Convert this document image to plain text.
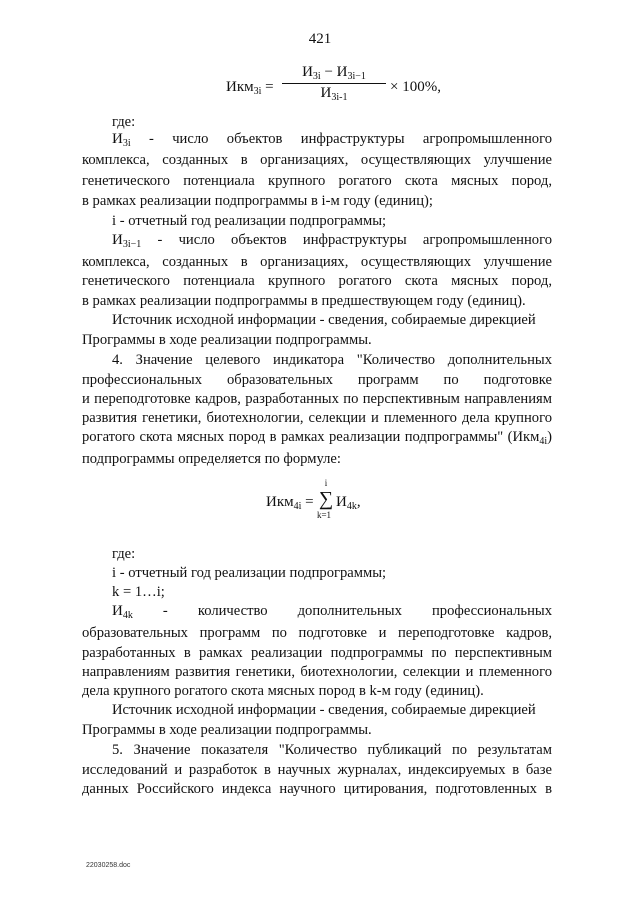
421
Икм$_{3i}$ =
$И_{3i} - И_{3i-1}$
$И_{3i-1}$
× 100%,
где:
$И_{3i}$ - число объектов инфраструктуры агропромышленного
комплекса, созданных в организациях, осуществляющих улучшение
генетического потенциала крупного рогатого скота мясных пород,
в рамках реализации подпрограммы в i-м году (единиц);
i - отчетный год реализации подпрограммы;
$И_{3i-1}$ - число объектов инфраструктуры агропромышленного
комплекса, созданных в организациях, осуществляющих улучшение
генетического потенциала крупного рогатого скота мясных пород,
в рамках реализации подпрограммы в предшествующем году (единиц).
Источник исходной информации - сведения, собираемые дирекцией
Программы в ходе реализации подпрограммы.
4. Значение целевого индикатора "Количество дополнительных
профессиональных образовательных программ по подготовке
и переподготовке кадров, разработанных по перспективным направлениям
развития генетики, биотехнологии, селекции и племенного дела крупного
рогатого скота мясных пород в рамках реализации подпрограммы" (Икм$_{4i}$)
подпрограммы определяется по формуле:
Икм$_{4i}$ =
i
∑
k=1
$И_{4k}$,
где:
i - отчетный год реализации подпрограммы;
k = 1…i;
$И_{4k}$ - количество дополнительных профессиональных
образовательных программ по подготовке и переподготовке кадров,
разработанных в рамках реализации подпрограммы по перспективным
направлениям развития генетики, биотехнологии, селекции и племенного
дела крупного рогатого скота мясных пород в k-м году (единиц).
Источник исходной информации - сведения, собираемые дирекцией
Программы в ходе реализации подпрограммы.
5. Значение показателя "Количество публикаций по результатам
исследований и разработок в научных журналах, индексируемых в базе
данных Российского индекса научного цитирования, подготовленных в
22030258.doc
